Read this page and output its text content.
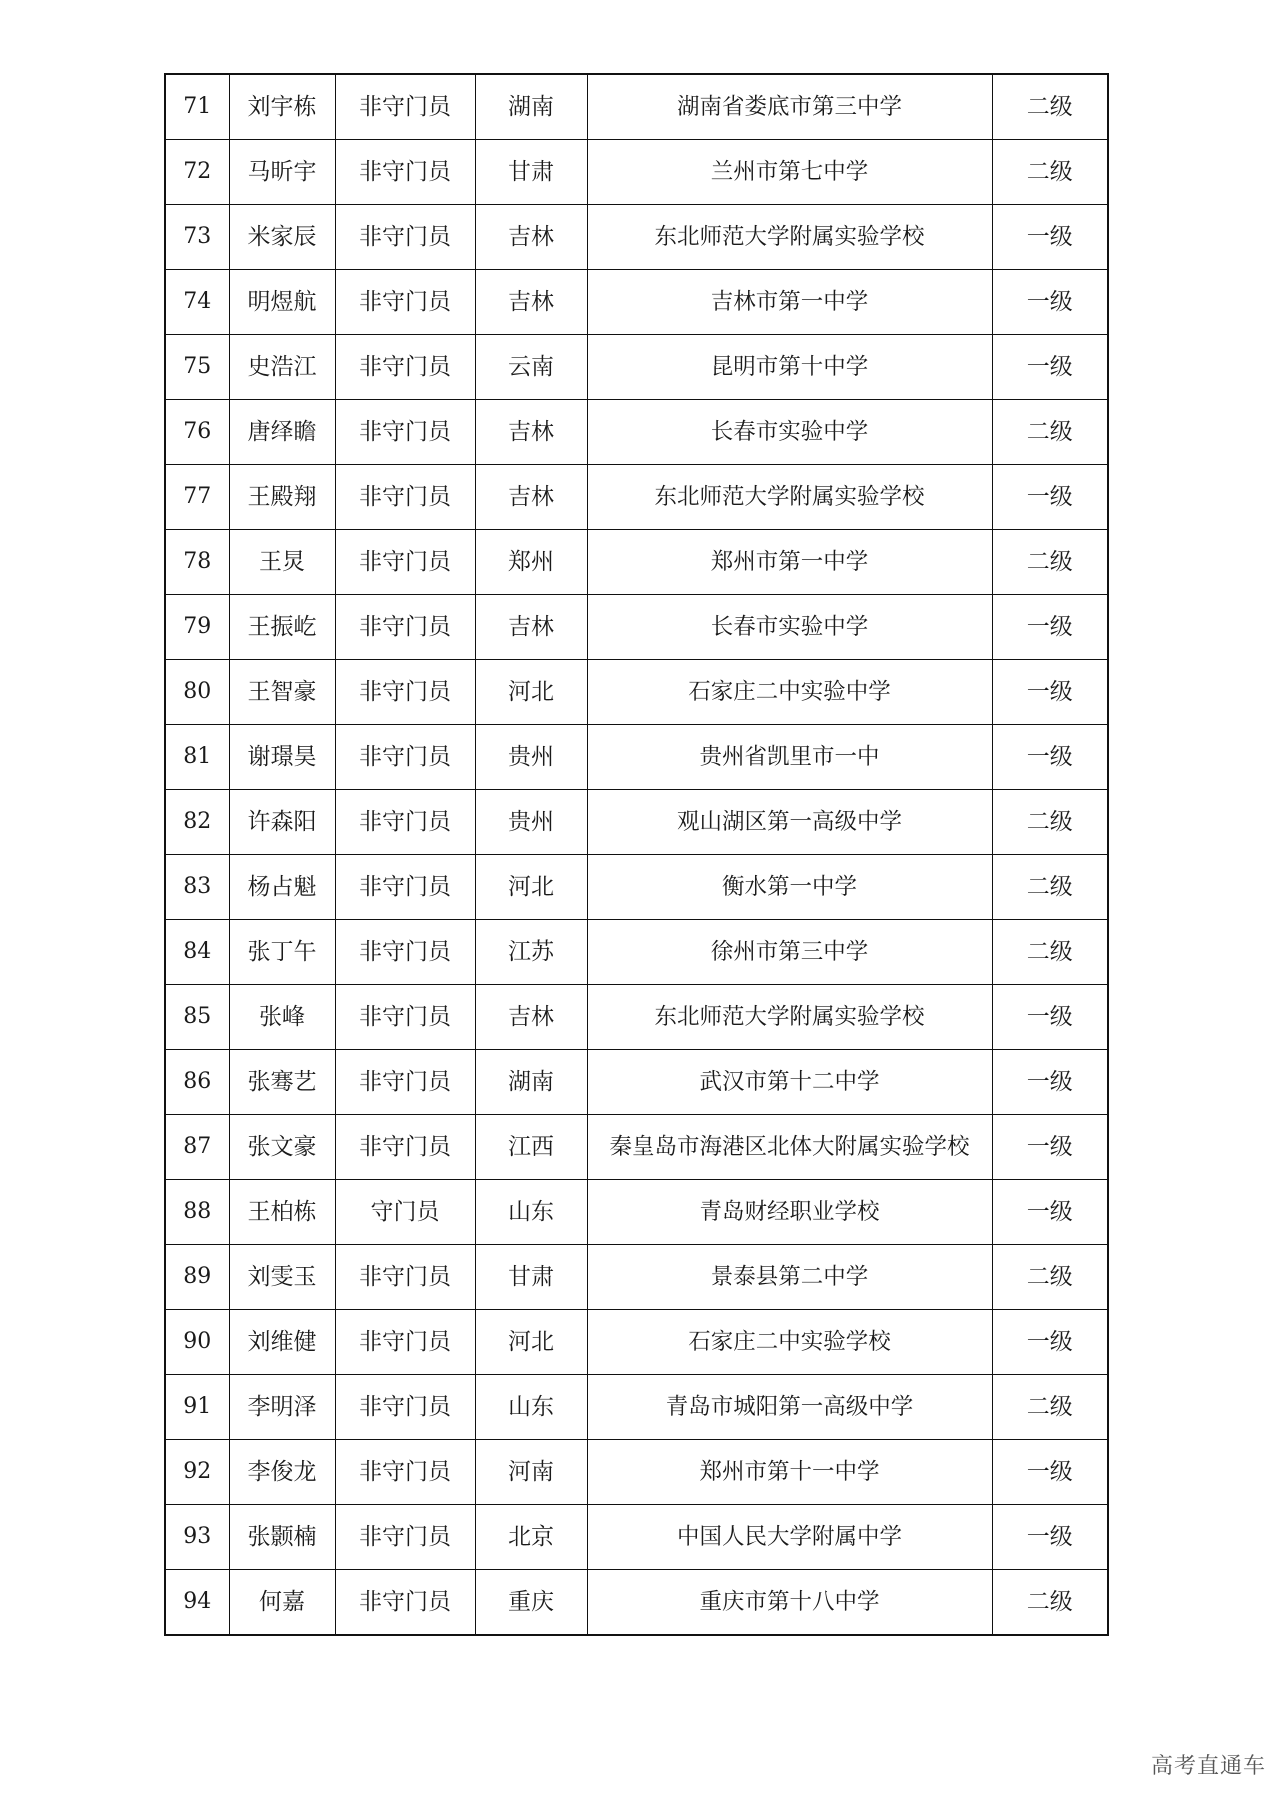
71	刘宇栋	非守门员	湖南	湖南省娄底市第三中学	二级
72	马昕宇	非守门员	甘肃	兰州市第七中学	二级
73	米家辰	非守门员	吉林	东北师范大学附属实验学校	一级
74	明煜航	非守门员	吉林	吉林市第一中学	一级
75	史浩江	非守门员	云南	昆明市第十中学	一级
76	唐绎瞻	非守门员	吉林	长春市实验中学	二级
77	王殿翔	非守门员	吉林	东北师范大学附属实验学校	一级
78	王炅	非守门员	郑州	郑州市第一中学	二级
79	王振屹	非守门员	吉林	长春市实验中学	一级
80	王智豪	非守门员	河北	石家庄二中实验中学	一级
81	谢璟昊	非守门员	贵州	贵州省凯里市一中	一级
82	许森阳	非守门员	贵州	观山湖区第一高级中学	二级
83	杨占魁	非守门员	河北	衡水第一中学	二级
84	张丁午	非守门员	江苏	徐州市第三中学	二级
85	张峰	非守门员	吉林	东北师范大学附属实验学校	一级
86	张骞艺	非守门员	湖南	武汉市第十二中学	一级
87	张文豪	非守门员	江西	秦皇岛市海港区北体大附属实验学校	一级
88	王柏栋	守门员	山东	青岛财经职业学校	一级
89	刘雯玉	非守门员	甘肃	景泰县第二中学	二级
90	刘维健	非守门员	河北	石家庄二中实验学校	一级
91	李明泽	非守门员	山东	青岛市城阳第一高级中学	二级
92	李俊龙	非守门员	河南	郑州市第十一中学	一级
93	张颢楠	非守门员	北京	中国人民大学附属中学	一级
94	何嘉	非守门员	重庆	重庆市第十八中学	二级
高考直通车
